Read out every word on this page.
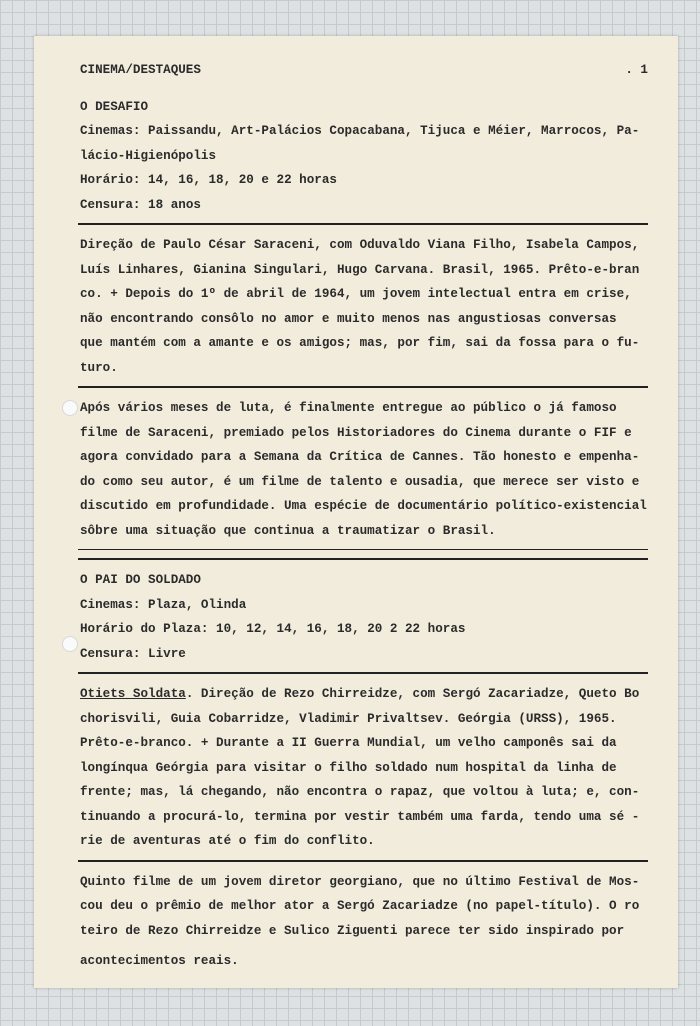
CINEMA/DESTAQUES	. 1
O DESAFIO
Cinemas: Paissandu, Art-Palácios Copacabana, Tijuca e Méier, Marrocos, Pa-
lácio-Higienópolis
Horário: 14, 16, 18, 20 e 22 horas
Censura: 18 anos
Direção de Paulo César Saraceni, com Oduvaldo Viana Filho, Isabela Campos,
Luís Linhares, Gianina Singulari, Hugo Carvana. Brasil, 1965. Prêto-e-bran
co. + Depois do 1º de abril de 1964, um jovem intelectual entra em crise,
não encontrando consôlo no amor e muito menos nas angustiosas conversas
que mantém com a amante e os amigos; mas, por fim, sai da fossa para o fu-
turo.
Após vários meses de luta, é finalmente entregue ao público o já famoso
filme de Saraceni, premiado pelos Historiadores do Cinema durante o FIF e
agora convidado para a Semana da Crítica de Cannes. Tão honesto e empenha-
do como seu autor, é um filme de talento e ousadia, que merece ser visto e
discutido em profundidade. Uma espécie de documentário político-existencial
sôbre uma situação que continua a traumatizar o Brasil.
O PAI DO SOLDADO
Cinemas: Plaza, Olinda
Horário do Plaza: 10, 12, 14, 16, 18, 20 2 22 horas
Censura: Livre
Otiets Soldata. Direção de Rezo Chirreidze, com Sergó Zacariadze, Queto Bo
chorisvili, Guia Cobarridze, Vladimir Privaltsev. Geórgia (URSS), 1965.
Prêto-e-branco. + Durante a II Guerra Mundial, um velho camponês sai da
longínqua Geórgia para visitar o filho soldado num hospital da linha de
frente; mas, lá chegando, não encontra o rapaz, que voltou à luta; e, con-
tinuando a procurá-lo, termina por vestir também uma farda, tendo uma sé -
rie de aventuras até o fim do conflito.
Quinto filme de um jovem diretor georgiano, que no último Festival de Mos-
cou deu o prêmio de melhor ator a Sergó Zacariadze (no papel-título). O ro
teiro de Rezo Chirreidze e Sulico Ziguenti parece ter sido inspirado por
acontecimentos reais.
